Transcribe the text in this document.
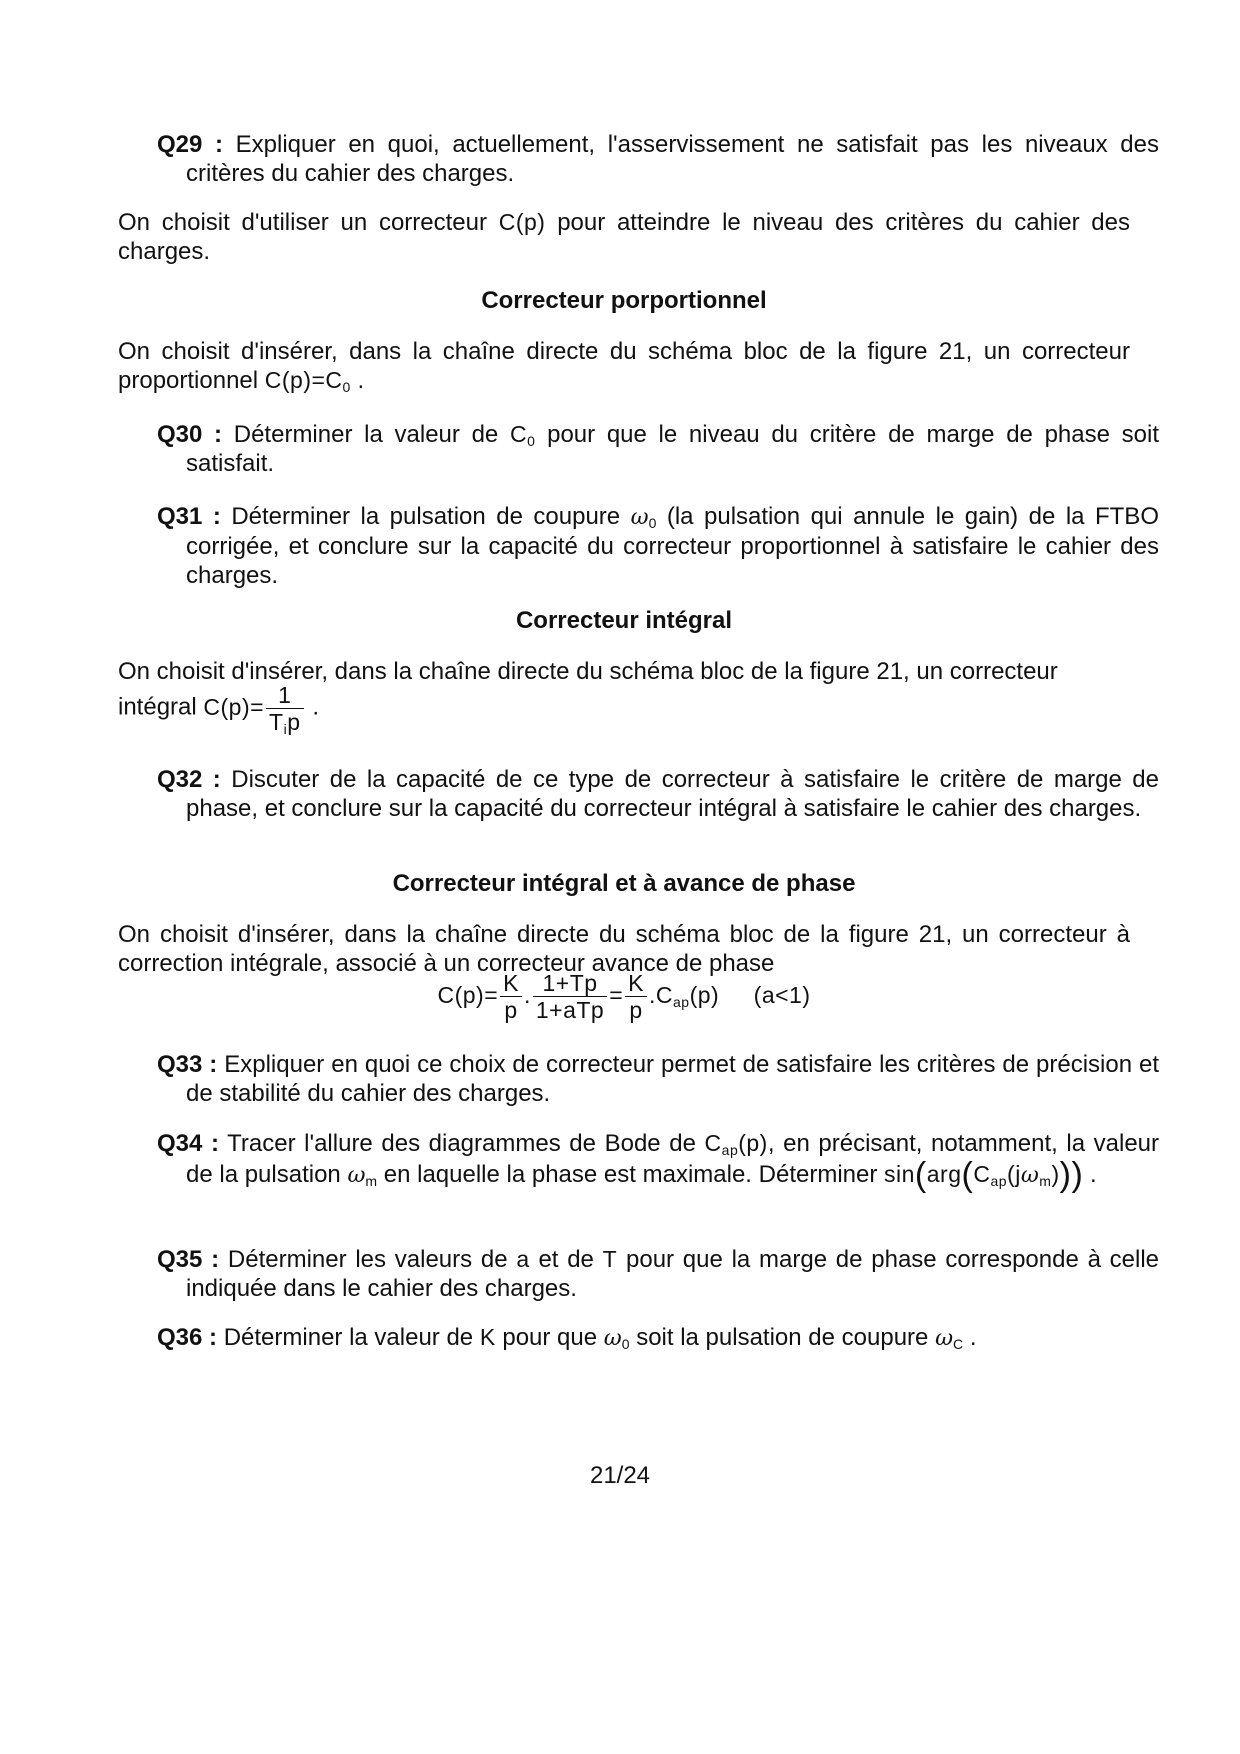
Q29 : Expliquer en quoi, actuellement, l'asservissement ne satisfait pas les niveaux des critères du cahier des charges.
On choisit d'utiliser un correcteur C(p) pour atteindre le niveau des critères du cahier des charges.
Correcteur porportionnel
On choisit d'insérer, dans la chaîne directe du schéma bloc de la figure 21, un correcteur proportionnel $C(p)=C_0$ .
Q30 : Déterminer la valeur de $C_0$ pour que le niveau du critère de marge de phase soit satisfait.
Q31 : Déterminer la pulsation de coupure $\omega_0$ (la pulsation qui annule le gain) de la FTBO corrigée, et conclure sur la capacité du correcteur proportionnel à satisfaire le cahier des charges.
Correcteur intégral
On choisit d'insérer, dans la chaîne directe du schéma bloc de la figure 21, un correcteur
intégral $C(p)= \frac{1}{T_ip}$ .
Q32 : Discuter de la capacité de ce type de correcteur à satisfaire le critère de marge de phase, et conclure sur la capacité du correcteur intégral à satisfaire le cahier des charges.
Correcteur intégral et à avance de phase
On choisit d'insérer, dans la chaîne directe du schéma bloc de la figure 21, un correcteur à correction intégrale, associé à un correcteur avance de phase
$C(p)= \frac{K}{p}$ . $\frac{1+Tp}{\text{1+aTp}} = \frac{K}{p} .C_{ap}(p)$ (a<1)
Q33 : Expliquer en quoi ce choix de correcteur permet de satisfaire les critères de précision et de stabilité du cahier des charges.
Q34 : Tracer l'allure des diagrammes de Bode de $C_{ap}(p)$, en précisant, notamment, la valeur de la pulsation $\omega_m$ en laquelle la phase est maximale. Déterminer $\sin(arg(C_{ap}(j\omega_m)))$ .
Q35 : Déterminer les valeurs de a et de T pour que la marge de phase corresponde à celle indiquée dans le cahier des charges.
Q36 : Déterminer la valeur de K pour que $\omega_0$ soit la pulsation de coupure $\omega_C$ .
21/24
